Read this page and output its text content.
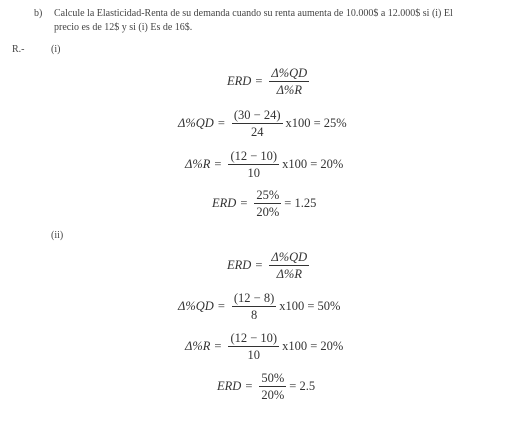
b) Calcule la Elasticidad-Renta de su demanda cuando su renta aumenta de 10.000$ a 12.000$ si (i) El
precio es de 12$ y si (i) Es de 16$.
R.-	(i)
ERD = $\frac{\Delta\%QD}{\Delta\%R}$
$\Delta\%QD = \frac{(30 - 24)}{24} x100 = 25\%$
$\Delta\%R = \frac{(12 - 10)}{10} x100 = 20\%$
ERD = $\frac{25\%}{20\%} = 1.25$
(ii)
ERD = $\frac{\Delta\%QD}{\Delta\%R}$
$\Delta\%QD = \frac{(12 - 8)}{8} x100 = 50\%$
$\Delta\%R = \frac{(12 - 10)}{10} x100 = 20\%$
ERD = $\frac{50\%}{20\%} = 2.5$
